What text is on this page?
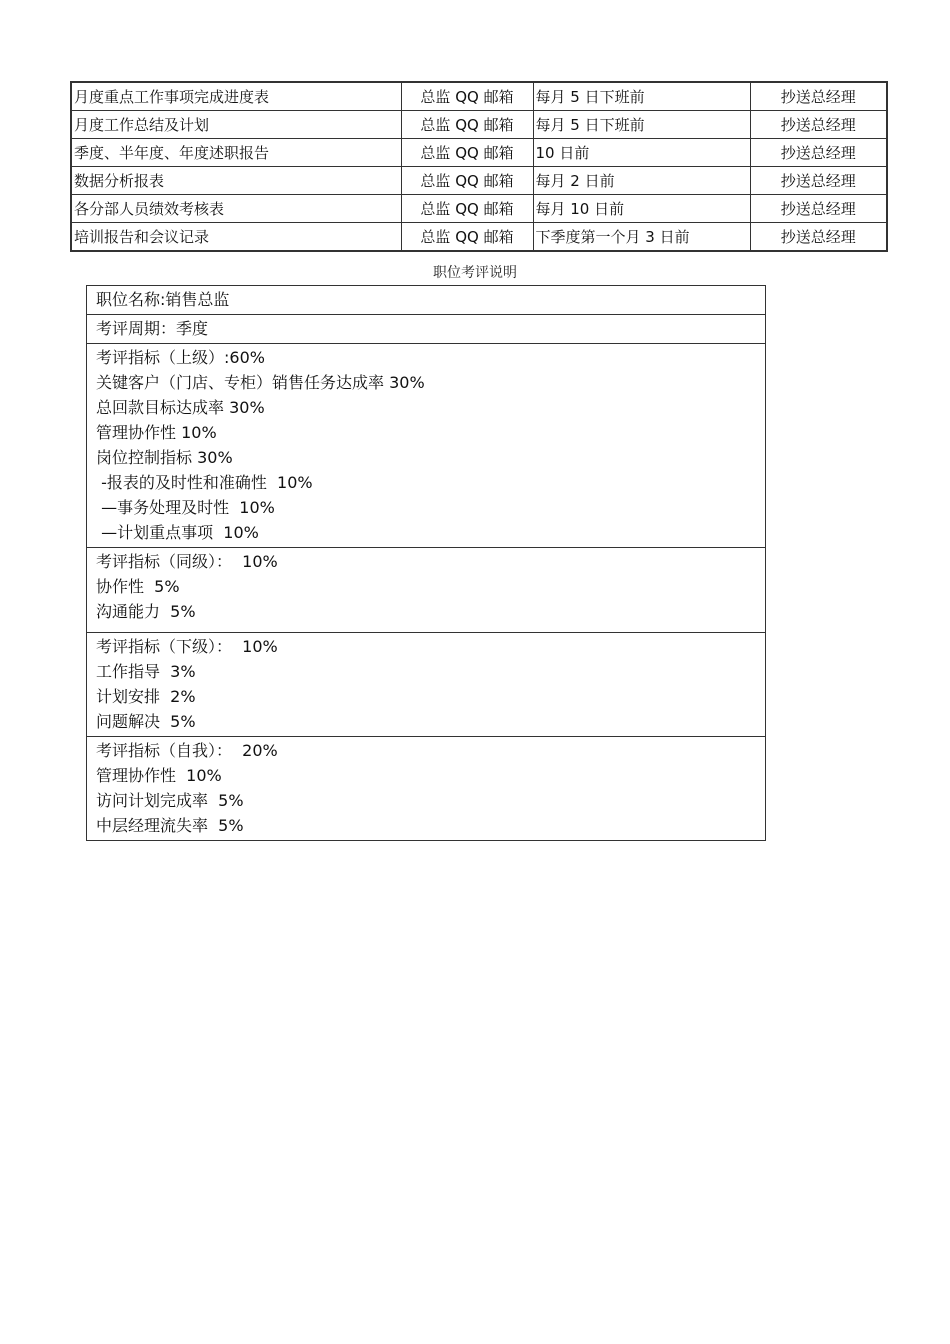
月度重点工作事项完成进度表	总监 QQ 邮箱	每月 5 日下班前	抄送总经理
月度工作总结及计划	总监 QQ 邮箱	每月 5 日下班前	抄送总经理
季度、半年度、年度述职报告	总监 QQ 邮箱	10 日前	抄送总经理
数据分析报表	总监 QQ 邮箱	每月 2 日前	抄送总经理
各分部人员绩效考核表	总监 QQ 邮箱	每月 10 日前	抄送总经理
培训报告和会议记录	总监 QQ 邮箱	下季度第一个月 3 日前	抄送总经理
职位考评说明
职位名称:销售总监
考评周期：季度
考评指标（上级）:60%
关键客户（门店、专柜）销售任务达成率 30%
总回款目标达成率 30%
管理协作性 10%
岗位控制指标 30%
-报表的及时性和准确性  10%
—事务处理及时性  10%
—计划重点事项  10%
考评指标（同级）：  10%
协作性  5%
沟通能力  5%
考评指标（下级）：  10%
工作指导  3%
计划安排  2%
问题解决  5%
考评指标（自我）：  20%
管理协作性  10%
访问计划完成率  5%
中层经理流失率  5%
